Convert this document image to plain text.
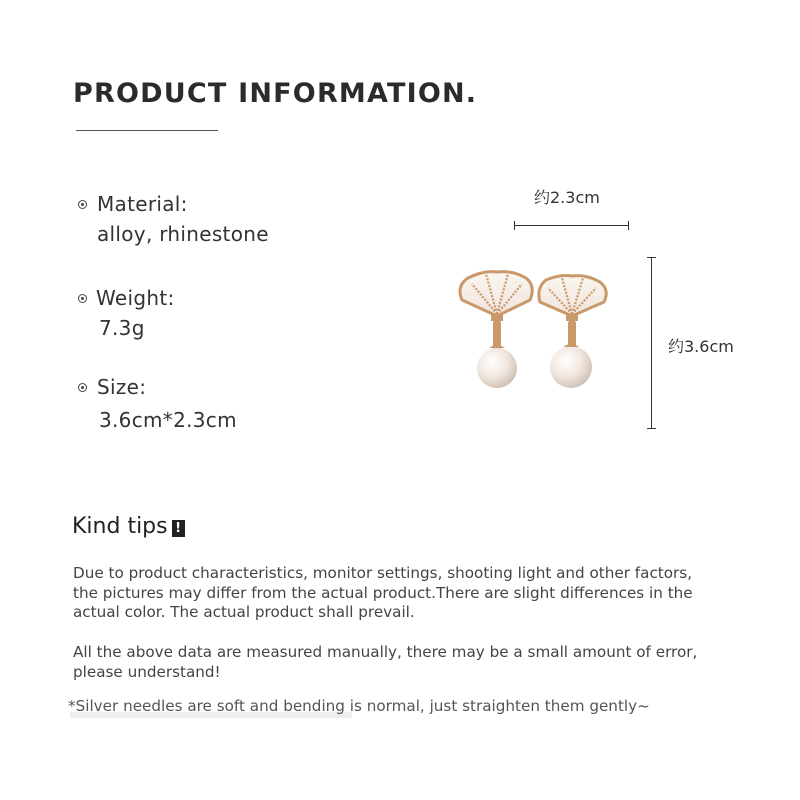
PRODUCT INFORMATION.
Material:
alloy, rhinestone
Weight:
7.3g
Size:
3.6cm*2.3cm
约2.3cm
约3.6cm
Kind tips !
Due to product characteristics, monitor settings, shooting light and other factors, the pictures may differ from the actual product.There are slight differences in the actual color. The actual product shall prevail.
All the above data are measured manually, there may be a small amount of error, please understand!
*Silver needles are soft and bending is normal, just straighten them gently~
